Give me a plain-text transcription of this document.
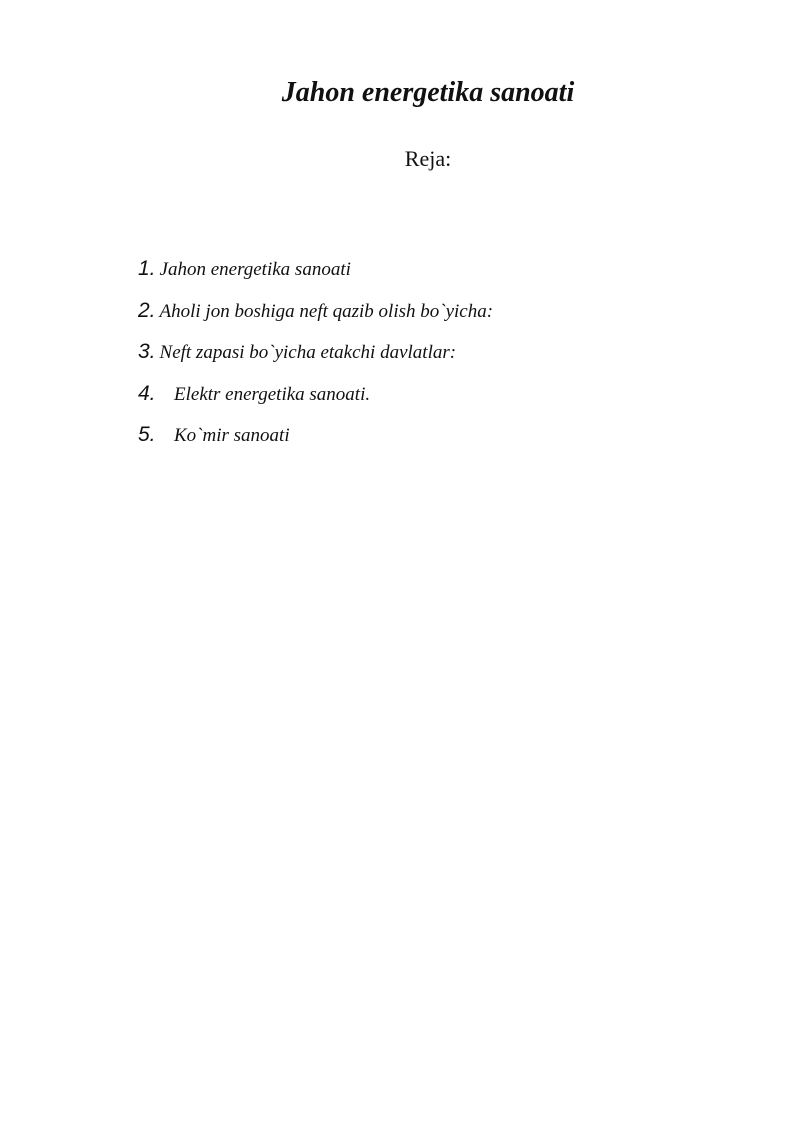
Jahon energetika sanoati
Reja:
1. Jahon energetika sanoati
2. Aholi jon boshiga neft qazib olish bo`yicha:
3. Neft zapasi bo`yicha etakchi davlatlar:
4. Elektr energetika sanoati.
5. Ko`mir sanoati
